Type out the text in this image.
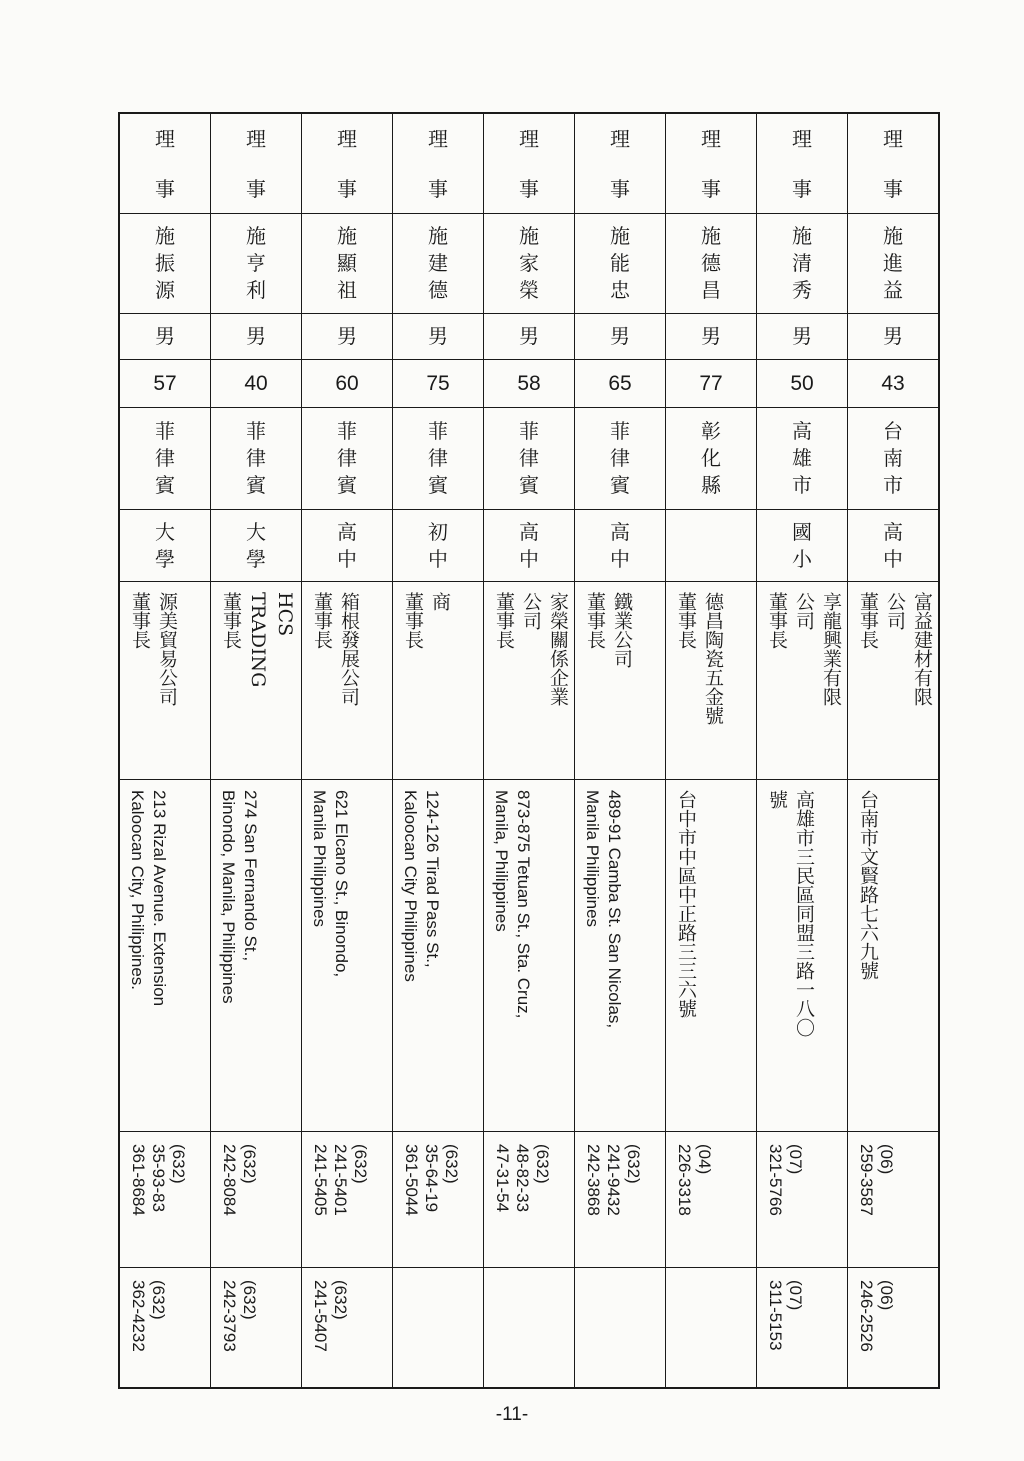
理
事
施
振
源
男
57
菲
律
賓
大
學
源美貿易公司
董事長
213 Rizal Avenue. Extension
Kaloocan City, Philippines.
(632)
35-93-83
361-8684
(632)
362-4232
理
事
施
亨
利
男
40
菲
律
賓
大
學
HCS
TRADING
董事長
274 San Fernando St.,
Binondo, Manila, Philippines
(632)
242-8084
(632)
242-3793
理
事
施
顯
祖
男
60
菲
律
賓
高
中
箱根發展公司
董事長
621 Elcano St., Binondo,
Manila Philippines
(632)
241-5401
241-5405
(632)
241-5407
理
事
施
建
德
男
75
菲
律
賓
初
中
商
董事長
124-126 Tirad Pass St.,
Kaloocan City Philippines
(632)
35-64-19
361-5044
理
事
施
家
榮
男
58
菲
律
賓
高
中
家榮關係企業
公司
董事長
873-875 Tetuan St., Sta. Cruz,
Manila, Philippines
(632)
48-82-33
47-31-54
理
事
施
能
忠
男
65
菲
律
賓
高
中
鐵業公司
董事長
489-91 Camba St. San Nicolas,
Manila Philippines
(632)
241-9432
242-3868
理
事
施
德
昌
男
77
彰
化
縣
德昌陶瓷五金號
董事長
台中市中區中正路三三六號
(04)
226-3318
理
事
施
清
秀
男
50
高
雄
市
國
小
享龍興業有限
公司
董事長
高雄市三民區同盟三路一八〇
號
(07)
321-5766
(07)
311-5153
理
事
施
進
益
男
43
台
南
市
高
中
富益建材有限
公司
董事長
台南市文賢路七六九號
(06)
259-3587
(06)
246-2526
-11-
